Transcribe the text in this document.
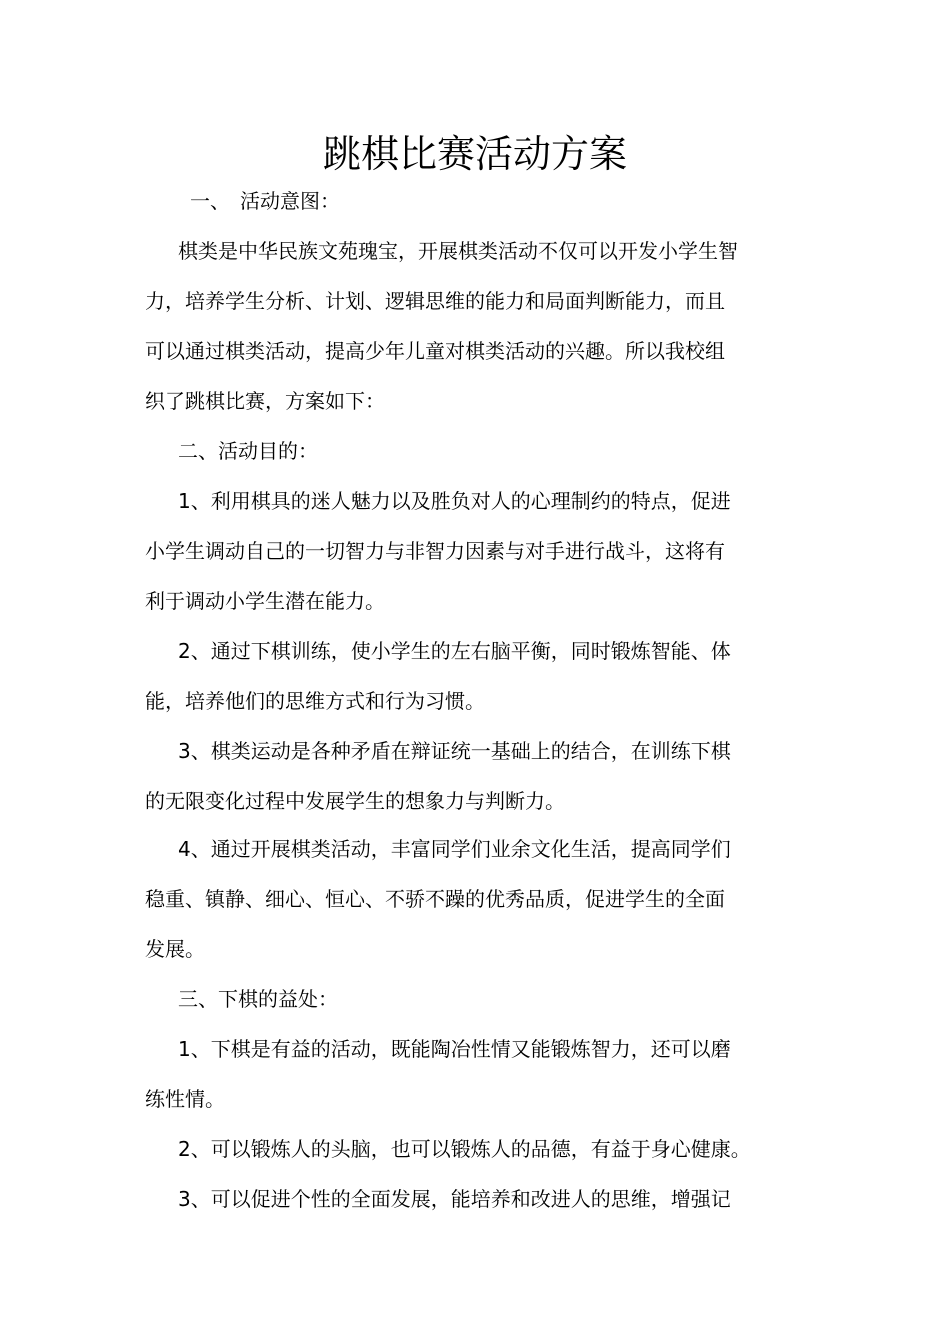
跳棋比赛活动方案

一、　活动意图：

棋类是中华民族文苑瑰宝，开展棋类活动不仅可以开发小学生智

力，培养学生分析、计划、逻辑思维的能力和局面判断能力，而且

可以通过棋类活动，提高少年儿童对棋类活动的兴趣。所以我校组

织了跳棋比赛，方案如下：

二、活动目的：

1、利用棋具的迷人魅力以及胜负对人的心理制约的特点，促进

小学生调动自己的一切智力与非智力因素与对手进行战斗，这将有

利于调动小学生潜在能力。

2、通过下棋训练，使小学生的左右脑平衡，同时锻炼智能、体

能，培养他们的思维方式和行为习惯。

3、棋类运动是各种矛盾在辩证统一基础上的结合，在训练下棋

的无限变化过程中发展学生的想象力与判断力。

4、通过开展棋类活动，丰富同学们业余文化生活，提高同学们

稳重、镇静、细心、恒心、不骄不躁的优秀品质，促进学生的全面

发展。

三、下棋的益处：

1、下棋是有益的活动，既能陶冶性情又能锻炼智力，还可以磨

练性情。

2、可以锻炼人的头脑，也可以锻炼人的品德，有益于身心健康。

3、可以促进个性的全面发展，能培养和改进人的思维，增强记
